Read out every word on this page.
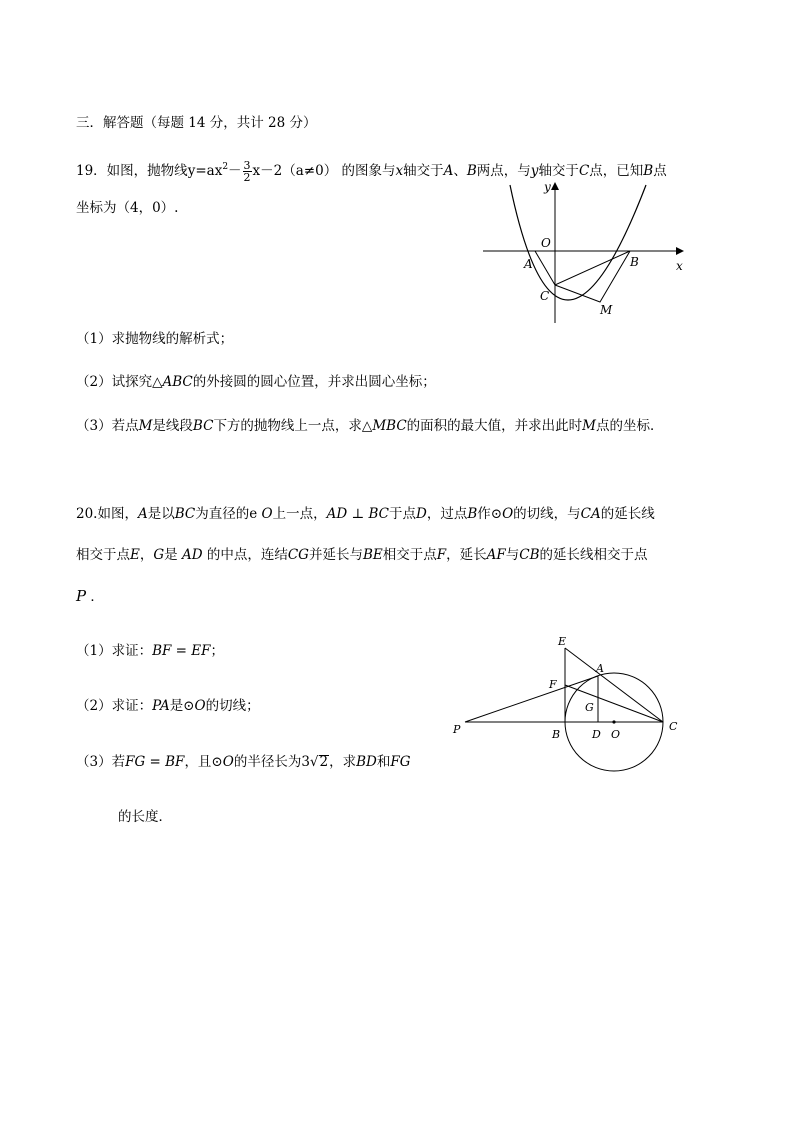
三．解答题（每题 14 分，共计 28 分）
19．如图，抛物线$y=ax^2- \frac{3}{2} x-2(a\ne 0)$ 的图象与x轴交于A、B两点，与y轴交于C点，已知B点
坐标为（4，0）.
y
O
A	B	x
C
M
（1）求抛物线的解析式；
（2）试探究△ABC的外接圆的圆心位置，并求出圆心坐标；
（3）若点M是线段BC下方的抛物线上一点，求△MBC的面积的最大值，并求出此时M点的坐标．
20.如图，A是以BC为直径的e O上一点，AD ⊥ BC于点D，过点B作⊙O的切线，与CA的延长线
相交于点E，G是 AD 的中点，连结CG并延长与BE相交于点F，延长AF与CB的延长线相交于点
P ．
（1）求证：BF = EF；
（2）求证：PA是⊙O的切线；
（3）若FG = BF，且⊙O的半径长为3√2，求BD和FG
的长度．
E
A
F
G
P	B	D O
C
